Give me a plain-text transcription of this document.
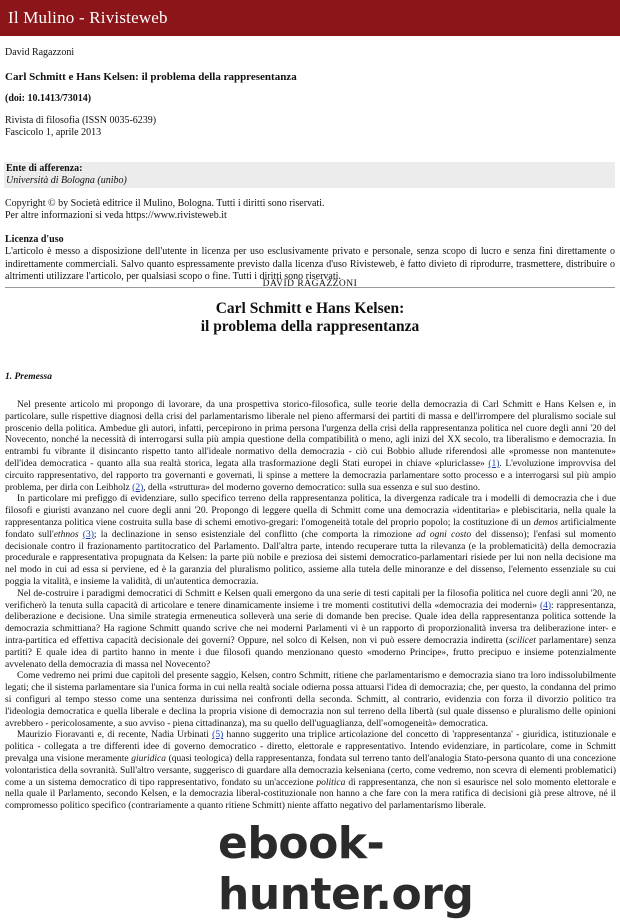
Il Mulino - Rivisteweb
David Ragazzoni
Carl Schmitt e Hans Kelsen: il problema della rappresentanza
(doi: 10.1413/73014)
Rivista di filosofia (ISSN 0035-6239)
Fascicolo 1, aprile 2013
Ente di afferenza:
Università di Bologna (unibo)
Copyright © by Società editrice il Mulino, Bologna. Tutti i diritti sono riservati.
Per altre informazioni si veda https://www.rivisteweb.it
Licenza d'uso
L'articolo è messo a disposizione dell'utente in licenza per uso esclusivamente privato e personale, senza scopo di lucro e senza fini direttamente o indirettamente commerciali. Salvo quanto espressamente previsto dalla licenza d'uso Rivisteweb, è fatto divieto di riprodurre, trasmettere, distribuire o altrimenti utilizzare l'articolo, per qualsiasi scopo o fine. Tutti i diritti sono riservati.
DAVID RAGAZZONI
Carl Schmitt e Hans Kelsen:
il problema della rappresentanza
1. Premessa

Nel presente articolo mi propongo di lavorare, da una prospettiva storico-filosofica, sulle teorie della democrazia di Carl Schmitt e Hans Kelsen e, in particolare, sulle rispettive diagnosi della crisi del parlamentarismo liberale nel pieno affermarsi dei partiti di massa e dell'irrompere del pluralismo sociale sul proscenio della politica. Ambedue gli autori, infatti, percepirono in prima persona l'urgenza della crisi della rappresentanza politica nel cuore degli anni '20 del Novecento, nonché la necessità di interrogarsi sulla più ampia questione della compatibilità o meno, agli inizi del XX secolo, tra liberalismo e democrazia. In entrambi fu vibrante il disincanto rispetto tanto all'ideale normativo della democrazia - ciò cui Bobbio allude riferendosi alle «promesse non mantenute» dell'idea democratica - quanto alla sua realtà storica, legata alla trasformazione degli Stati europei in chiave «pluriclasse» (1). L'evoluzione improvvisa del circuito rappresentativo, del rapporto tra governanti e governati, li spinse a mettere la democrazia parlamentare sotto processo e a interrogarsi sul più ampio problema, per dirla con Leibholz (2), della «struttura» del moderno governo democratico: sulla sua essenza e sul suo destino.

In particolare mi prefiggo di evidenziare, sullo specifico terreno della rappresentanza politica, la divergenza radicale tra i modelli di democrazia che i due filosofi e giuristi avanzano nel cuore degli anni '20. Propongo di leggere quella di Schmitt come una democrazia «identitaria» e plebiscitaria, nella quale la rappresentanza politica viene costruita sulla base di schemi emotivo-gregari: l'omogeneità totale del proprio popolo; la costituzione di un demos artificialmente fondato sull'ethnos (3); la declinazione in senso esistenziale del conflitto (che comporta la rimozione ad ogni costo del dissenso); l'enfasi sul momento decisionale contro il frazionamento partitocratico del Parlamento. Dall'altra parte, intendo recuperare tutta la rilevanza (e la problematicità) della democrazia procedurale e rappresentativa propugnata da Kelsen: la parte più nobile e preziosa dei sistemi democratico-parlamentari risiede per lui non nella decisione ma nel modo in cui ad essa si perviene, ed è la garanzia del pluralismo politico, assieme alla tutela delle minoranze e del dissenso, l'elemento essenziale su cui poggia la vitalità, e insieme la validità, di un'autentica democrazia.

Nel de-costruire i paradigmi democratici di Schmitt e Kelsen quali emergono da una serie di testi capitali per la filosofia politica nel cuore degli anni '20, ne verificherò la tenuta sulla capacità di articolare e tenere dinamicamente insieme i tre momenti costitutivi della «democrazia dei moderni» (4): rappresentanza, deliberazione e decisione. Una simile strategia ermeneutica solleverà una serie di domande ben precise. Quale idea della rappresentanza politica sottende la democrazia schmittiana? Ha ragione Schmitt quando scrive che nei moderni Parlamenti vi è un rapporto di proporzionalità inversa tra deliberazione inter- e intra-partitica ed effettiva capacità decisionale dei governi? Oppure, nel solco di Kelsen, non vi può essere democrazia indiretta (scilicet parlamentare) senza partiti? E quale idea di partito hanno in mente i due filosofi quando menzionano questo «moderno Principe», frutto precipuo e insieme potenzialmente avvelenato della democrazia di massa nel Novecento?

Come vedremo nei primi due capitoli del presente saggio, Kelsen, contro Schmitt, ritiene che parlamentarismo e democrazia siano tra loro indissolubilmente legati; che il sistema parlamentare sia l'unica forma in cui nella realtà sociale odierna possa attuarsi l'idea di democrazia; che, per questo, la condanna del primo si configuri al tempo stesso come una sentenza durissima nei confronti della seconda. Schmitt, al contrario, evidenzia con forza il divorzio politico tra l'ideologia democratica e quella liberale e declina la propria visione di democrazia non sul terreno della libertà (sul quale dissenso e pluralismo delle opinioni avrebbero - pericolosamente, a suo avviso - piena cittadinanza), ma su quello dell'uguaglianza, dell'«omogeneità» democratica.

Maurizio Fioravanti e, di recente, Nadia Urbinati (5) hanno suggerito una triplice articolazione del concetto di 'rappresentanza' - giuridica, istituzionale e politica - collegata a tre differenti idee di governo democratico - diretto, elettorale e rappresentativo. Intendo evidenziare, in particolare, come in Schmitt prevalga una visione meramente giuridica (quasi teologica) della rappresentanza, fondata sul terreno tanto dell'analogia Stato-persona quanto di una concezione volontaristica della sovranità. Sull'altro versante, suggerisco di guardare alla democrazia kelseniana (certo, come vedremo, non scevra di elementi problematici) come a un sistema democratico di tipo rappresentativo, fondato su un'accezione politica di rappresentanza, che non si esaurisce nel solo momento elettorale e nella quale il Parlamento, secondo Kelsen, e la democrazia liberal-costituzionale non hanno a che fare con la mera ratifica di decisioni già prese altrove, né il compromesso politico specifico (contrariamente a quanto ritiene Schmitt) niente affatto negativo del parlamentarismo liberale.

ebook-hunter.org
